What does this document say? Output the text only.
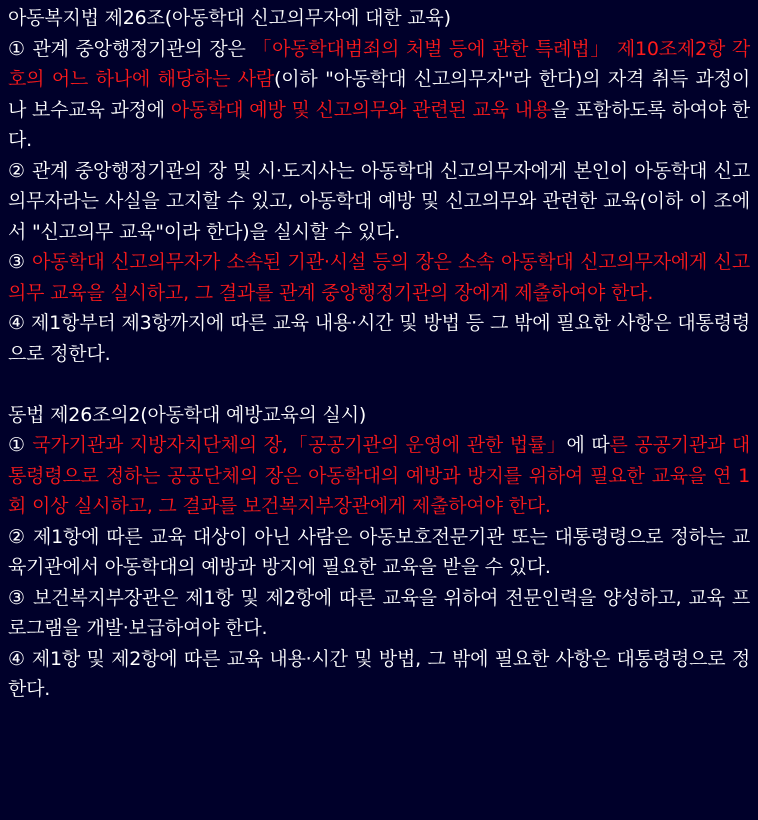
아동복지법 제26조(아동학대 신고의무자에 대한 교육)

① 관계 중앙행정기관의 장은 「아동학대범죄의 처벌 등에 관한 특례법」 제10조제2항 각 호의 어느 하나에 해당하는 사람(이하 "아동학대 신고의무자"라 한다)의 자격 취득 과정이나 보수교육 과정에 아동학대 예방 및 신고의무와 관련된 교육 내용을 포함하도록 하여야 한다.

② 관계 중앙행정기관의 장 및 시·도지사는 아동학대 신고의무자에게 본인이 아동학대 신고의무자라는 사실을 고지할 수 있고, 아동학대 예방 및 신고의무와 관련한 교육(이하 이 조에서 "신고의무 교육"이라 한다)을 실시할 수 있다.

③ 아동학대 신고의무자가 소속된 기관·시설 등의 장은 소속 아동학대 신고의무자에게 신고의무 교육을 실시하고, 그 결과를 관계 중앙행정기관의 장에게 제출하여야 한다.

④ 제1항부터 제3항까지에 따른 교육 내용·시간 및 방법 등 그 밖에 필요한 사항은 대통령령으로 정한다.

동법 제26조의2(아동학대 예방교육의 실시)

① 국가기관과 지방자치단체의 장,「공공기관의 운영에 관한 법률」에 따른 공공기관과 대통령령으로 정하는 공공단체의 장은 아동학대의 예방과 방지를 위하여 필요한 교육을 연 1회 이상 실시하고, 그 결과를 보건복지부장관에게 제출하여야 한다.

② 제1항에 따른 교육 대상이 아닌 사람은 아동보호전문기관 또는 대통령령으로 정하는 교육기관에서 아동학대의 예방과 방지에 필요한 교육을 받을 수 있다.

③ 보건복지부장관은 제1항 및 제2항에 따른 교육을 위하여 전문인력을 양성하고, 교육 프로그램을 개발·보급하여야 한다.

④ 제1항 및 제2항에 따른 교육 내용·시간 및 방법, 그 밖에 필요한 사항은 대통령령으로 정한다.
